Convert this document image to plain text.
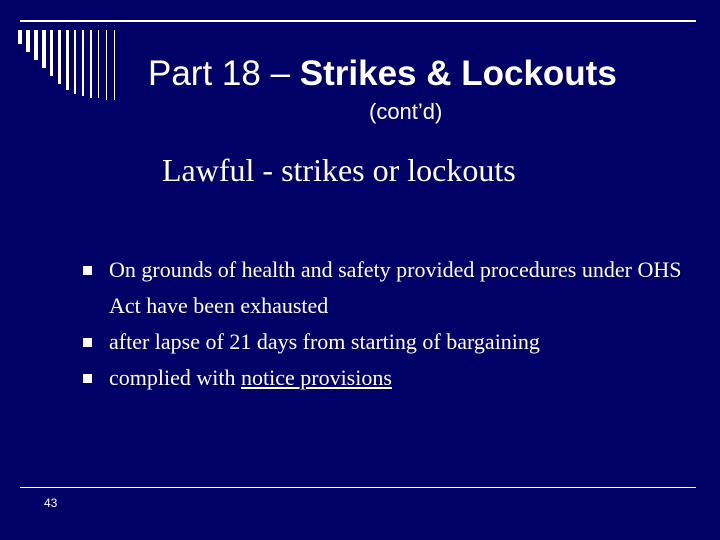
Part 18 – Strikes & Lockouts
(cont’d)
Lawful - strikes or lockouts
On grounds of health and safety provided procedures under OHS Act have been exhausted
after lapse of 21 days from starting of bargaining
complied with notice provisions
43
